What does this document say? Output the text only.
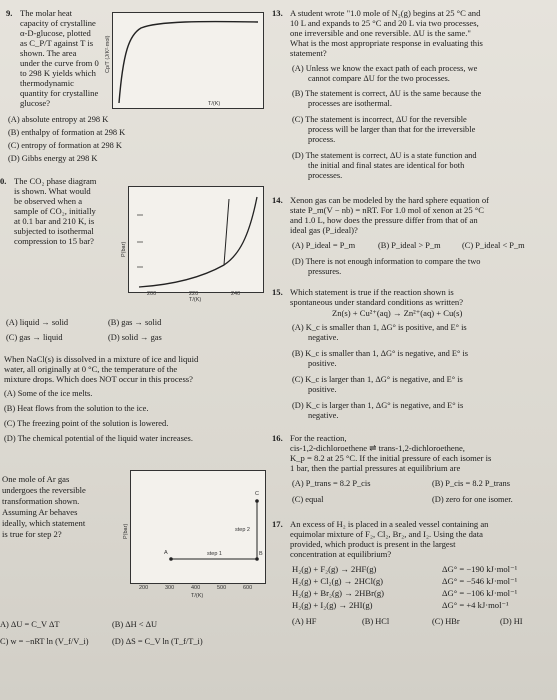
9. The molar heat
capacity of crystalline
α-D-glucose, plotted
as C_P/T against T is
shown. The area
under the curve from 0
to 298 K yields which
thermodynamic
quantity for crystalline
glucose?
Cp/T (J/K²·mol)
T/(K)
(A) absolute entropy at 298 K
(B) enthalpy of formation at 298 K
(C) entropy of formation at 298 K
(D) Gibbs energy at 298 K
0. The CO₂ phase diagram
is shown. What would
be observed when a
sample of CO₂, initially
at 0.1 bar and 210 K, is
subjected to isothermal
compression to 15 bar?
P(bar)
T/(K)
200	220	240
(A) liquid → solid	(B) gas → solid
(C) gas → liquid	(D) solid → gas
When NaCl(s) is dissolved in a mixture of ice and liquid
water, all originally at 0 °C, the temperature of the
mixture drops. Which does NOT occur in this process?
(A) Some of the ice melts.
(B) Heat flows from the solution to the ice.
(C) The freezing point of the solution is lowered.
(D) The chemical potential of the liquid water increases.
One mole of Ar gas
undergoes the reversible
transformation shown.
Assuming Ar behaves
ideally, which statement
is true for step 2?
A	B
C
step 1
step 2
P(bar)
200	300	400	500	600
T/(K)
A) ΔU = C_V ΔT	(B) ΔH < ΔU
C) w = −nRT ln (V_f/V_i)	(D) ΔS = C_V ln (T_f/T_i)
13. A student wrote "1.0 mole of N₂(g) begins at 25 °C and
10 L and expands to 25 °C and 20 L via two processes,
one irreversible and one reversible. ΔU is the same."
What is the most appropriate response in evaluating this
statement?
(A) Unless we know the exact path of each process, we
cannot compare ΔU for the two processes.
(B) The statement is correct, ΔU is the same because the
processes are isothermal.
(C) The statement is incorrect, ΔU for the reversible
process will be larger than that for the irreversible
process.
(D) The statement is correct, ΔU is a state function and
the initial and final states are identical for both
processes.
14. Xenon gas can be modeled by the hard sphere equation of
state P_m(V − nb) = nRT. For 1.0 mol of xenon at 25 °C
and 1.0 L, how does the pressure differ from that of an
ideal gas (P_ideal)?
(A) P_ideal = P_m	(B) P_ideal > P_m	(C) P_ideal < P_m
(D) There is not enough information to compare the two
pressures.
15. Which statement is true if the reaction shown is
spontaneous under standard conditions as written?
Zn(s) + Cu²⁺(aq) → Zn²⁺(aq) + Cu(s)
(A) K_c is smaller than 1, ΔG° is positive, and E° is
negative.
(B) K_c is smaller than 1, ΔG° is negative, and E° is
positive.
(C) K_c is larger than 1, ΔG° is negative, and E° is
positive.
(D) K_c is larger than 1, ΔG° is negative, and E° is
negative.
16. For the reaction,
cis-1,2-dichloroethene ⇌ trans-1,2-dichloroethene,
K_p = 8.2 at 25 °C. If the initial pressure of each isomer is
1 bar, then the partial pressures at equilibrium are
(A) P_trans = 8.2 P_cis	(B) P_cis = 8.2 P_trans
(C) equal	(D) zero for one isomer.
17. An excess of H₂ is placed in a sealed vessel containing an
equimolar mixture of F₂, Cl₂, Br₂, and I₂. Using the data
provided, which product is present in the largest
concentration at equilibrium?
H₂(g) + F₂(g) → 2HF(g)	ΔG° = −190 kJ·mol⁻¹
H₂(g) + Cl₂(g) → 2HCl(g)	ΔG° = −546 kJ·mol⁻¹
H₂(g) + Br₂(g) → 2HBr(g)	ΔG° = −106 kJ·mol⁻¹
H₂(g) + I₂(g) → 2HI(g)	ΔG° = +4 kJ·mol⁻¹
(A) HF	(B) HCl	(C) HBr	(D) HI
